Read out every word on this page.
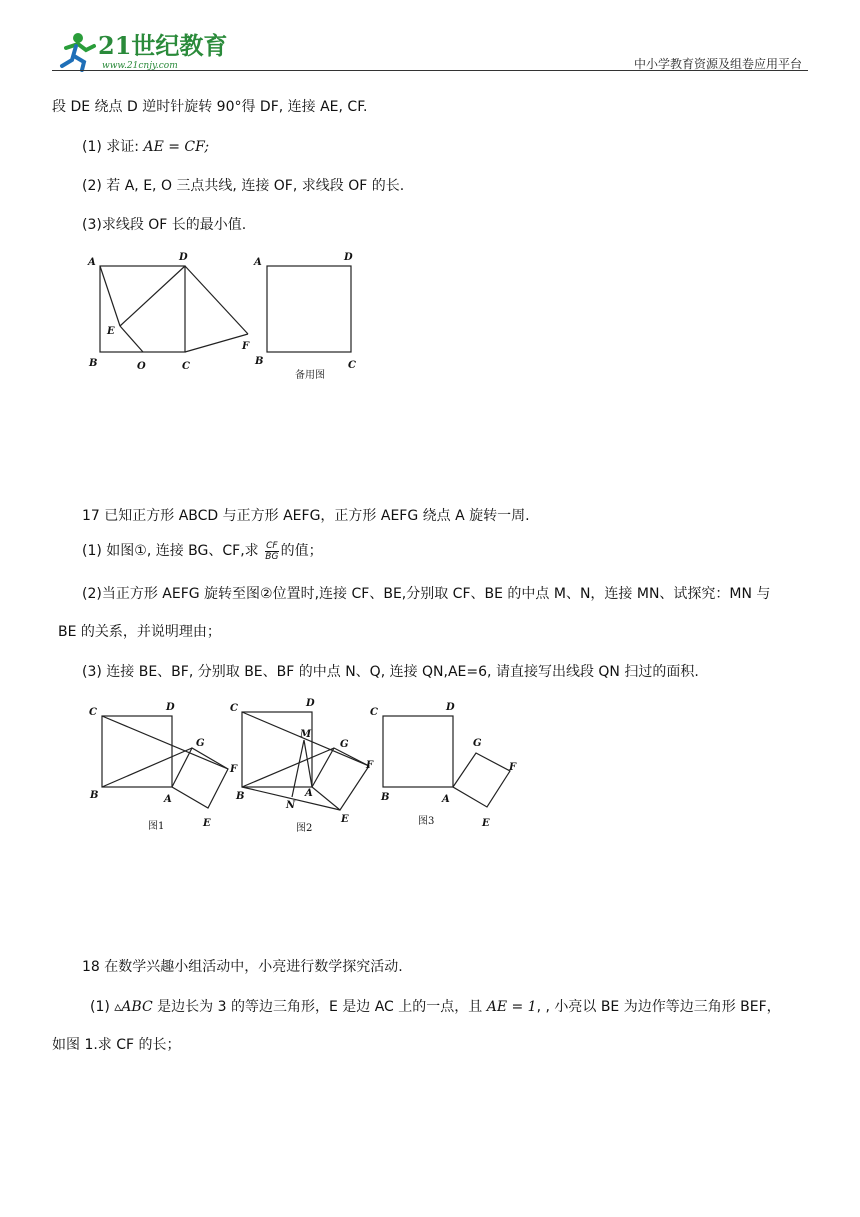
21世纪教育
www.21cnjy.com	中小学教育资源及组卷应用平台
段 DE 绕点 D 逆时针旋转 90°得 DF, 连接 AE, CF.
(1) 求证: AE = CF;
(2) 若 A, E, O 三点共线, 连接 OF, 求线段 OF 的长.
(3)求线段 OF 长的最小值.
A	D
E
B	O	C
F
A	D
B	C
备用图
17 已知正方形 ABCD 与正方形 AEFG，正方形 AEFG 绕点 A 旋转一周.
(1) 如图①, 连接 BG、CF,求 $\frac{CF}{BG}$ 的值；
(2)当正方形 AEFG 旋转至图②位置时,连接 CF、BE,分别取 CF、BE 的中点 M、N，连接 MN、试探究：MN 与
BE 的关系，并说明理由；
(3) 连接 BE、BF, 分别取 BE、BF 的中点 N、Q, 连接 QN,AE=6, 请直接写出线段 QN 扫过的面积.
C	D
G
F
B	A
E
C	D
M
G
F
B	A
N
E
C	D
G
F
B	A
E
图1	图2
图3
18 在数学兴趣小组活动中，小亮进行数学探究活动.
(1) ▵ABC 是边长为 3 的等边三角形，E 是边 AC 上的一点，且 AE = 1, , 小亮以 BE 为边作等边三角形 BEF，
如图 1.求 CF 的长；
